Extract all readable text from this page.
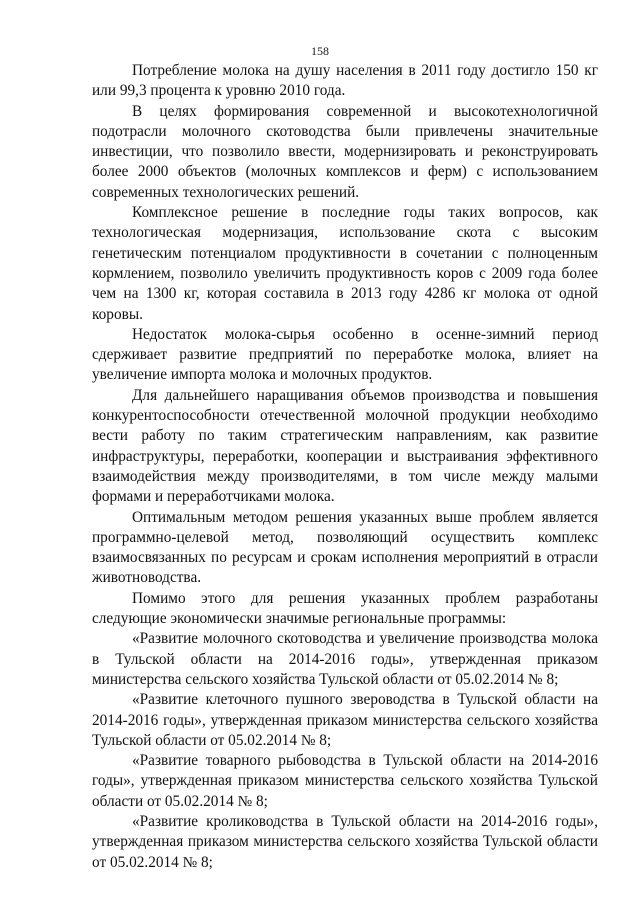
158

Потребление молока на душу населения в 2011 году достигло 150 кг или 99,3 процента к уровню 2010 года.

В целях формирования современной и высокотехнологичной подотрасли молочного скотоводства были привлечены значительные инвестиции, что позволило ввести, модернизировать и реконструировать более 2000 объектов (молочных комплексов и ферм) с использованием современных технологических решений.

Комплексное решение в последние годы таких вопросов, как технологическая модернизация, использование скота с высоким генетическим потенциалом продуктивности в сочетании с полноценным кормлением, позволило увеличить продуктивность коров с 2009 года более чем на 1300 кг, которая составила в 2013 году 4286 кг молока от одной коровы.

Недостаток молока-сырья особенно в осенне-зимний период сдерживает развитие предприятий по переработке молока, влияет на увеличение импорта молока и молочных продуктов.

Для дальнейшего наращивания объемов производства и повышения конкурентоспособности отечественной молочной продукции необходимо вести работу по таким стратегическим направлениям, как развитие инфраструктуры, переработки, кооперации и выстраивания эффективного взаимодействия между производителями, в том числе между малыми формами и переработчиками молока.

Оптимальным методом решения указанных выше проблем является программно-целевой метод, позволяющий осуществить комплекс взаимосвязанных по ресурсам и срокам исполнения мероприятий в отрасли животноводства.

Помимо этого для решения указанных проблем разработаны следующие экономически значимые региональные программы:

«Развитие молочного скотоводства и увеличение производства молока в Тульской области на 2014-2016 годы», утвержденная приказом министерства сельского хозяйства Тульской области от 05.02.2014 № 8;

«Развитие клеточного пушного звероводства в Тульской области на 2014-2016 годы», утвержденная приказом министерства сельского хозяйства Тульской области от 05.02.2014 № 8;

«Развитие товарного рыбоводства в Тульской области на 2014-2016 годы», утвержденная приказом министерства сельского хозяйства Тульской области от 05.02.2014 № 8;

«Развитие кролиководства в Тульской области на 2014-2016 годы», утвержденная приказом министерства сельского хозяйства Тульской области от 05.02.2014 № 8;
